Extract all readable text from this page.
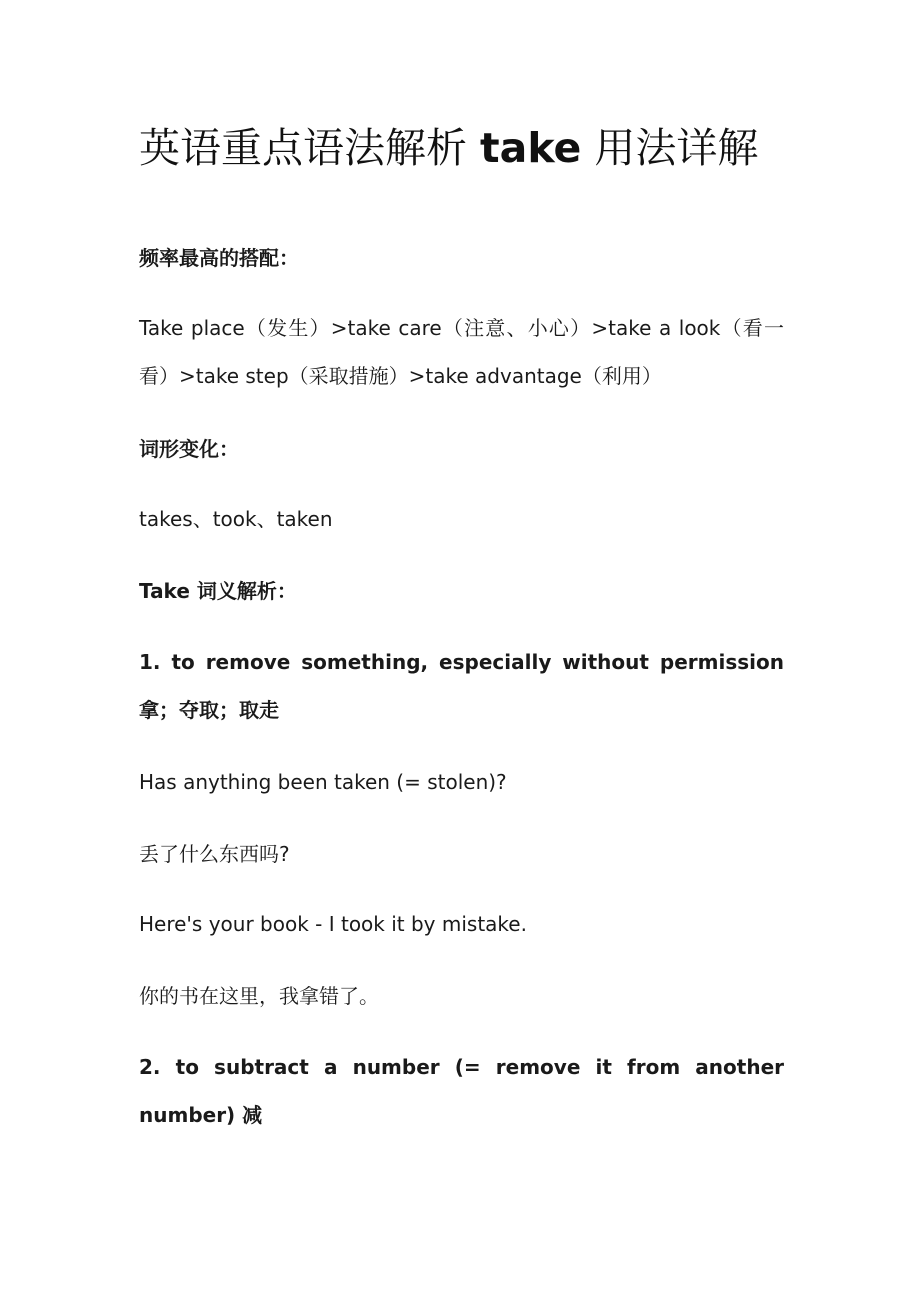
英语重点语法解析 take 用法详解

频率最高的搭配：

Take place（发生）>take care（注意、小心）>take a look（看一看）>take step（采取措施）>take advantage（利用）

词形变化：

takes、took、taken

Take 词义解析：

1. to remove something, especially without permission 拿；夺取；取走

Has anything been taken (= stolen)?

丢了什么东西吗?

Here's your book - I took it by mistake.

你的书在这里，我拿错了。

2. to subtract a number (= remove it from another number) 减
